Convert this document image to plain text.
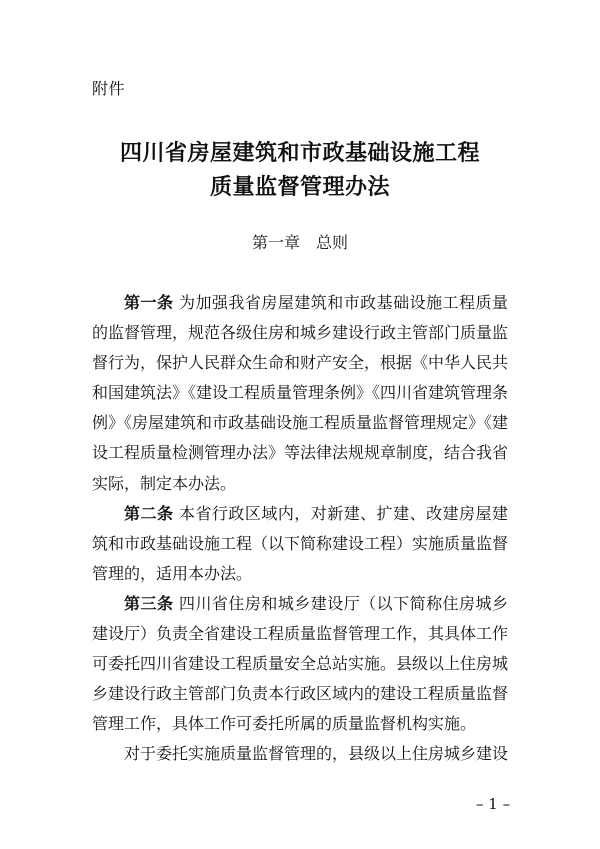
附件
四川省房屋建筑和市政基础设施工程
质量监督管理办法
第一章　总则

第一条 为加强我省房屋建筑和市政基础设施工程质量的监督管理，规范各级住房和城乡建设行政主管部门质量监督行为，保护人民群众生命和财产安全，根据《中华人民共和国建筑法》《建设工程质量管理条例》《四川省建筑管理条例》《房屋建筑和市政基础设施工程质量监督管理规定》《建设工程质量检测管理办法》等法律法规规章制度，结合我省实际，制定本办法。

第二条 本省行政区域内，对新建、扩建、改建房屋建筑和市政基础设施工程（以下简称建设工程）实施质量监督管理的，适用本办法。

第三条 四川省住房和城乡建设厅（以下简称住房城乡建设厅）负责全省建设工程质量监督管理工作，其具体工作可委托四川省建设工程质量安全总站实施。县级以上住房城乡建设行政主管部门负责本行政区域内的建设工程质量监督管理工作，具体工作可委托所属的质量监督机构实施。

对于委托实施质量监督管理的，县级以上住房城乡建设

– 1 –
